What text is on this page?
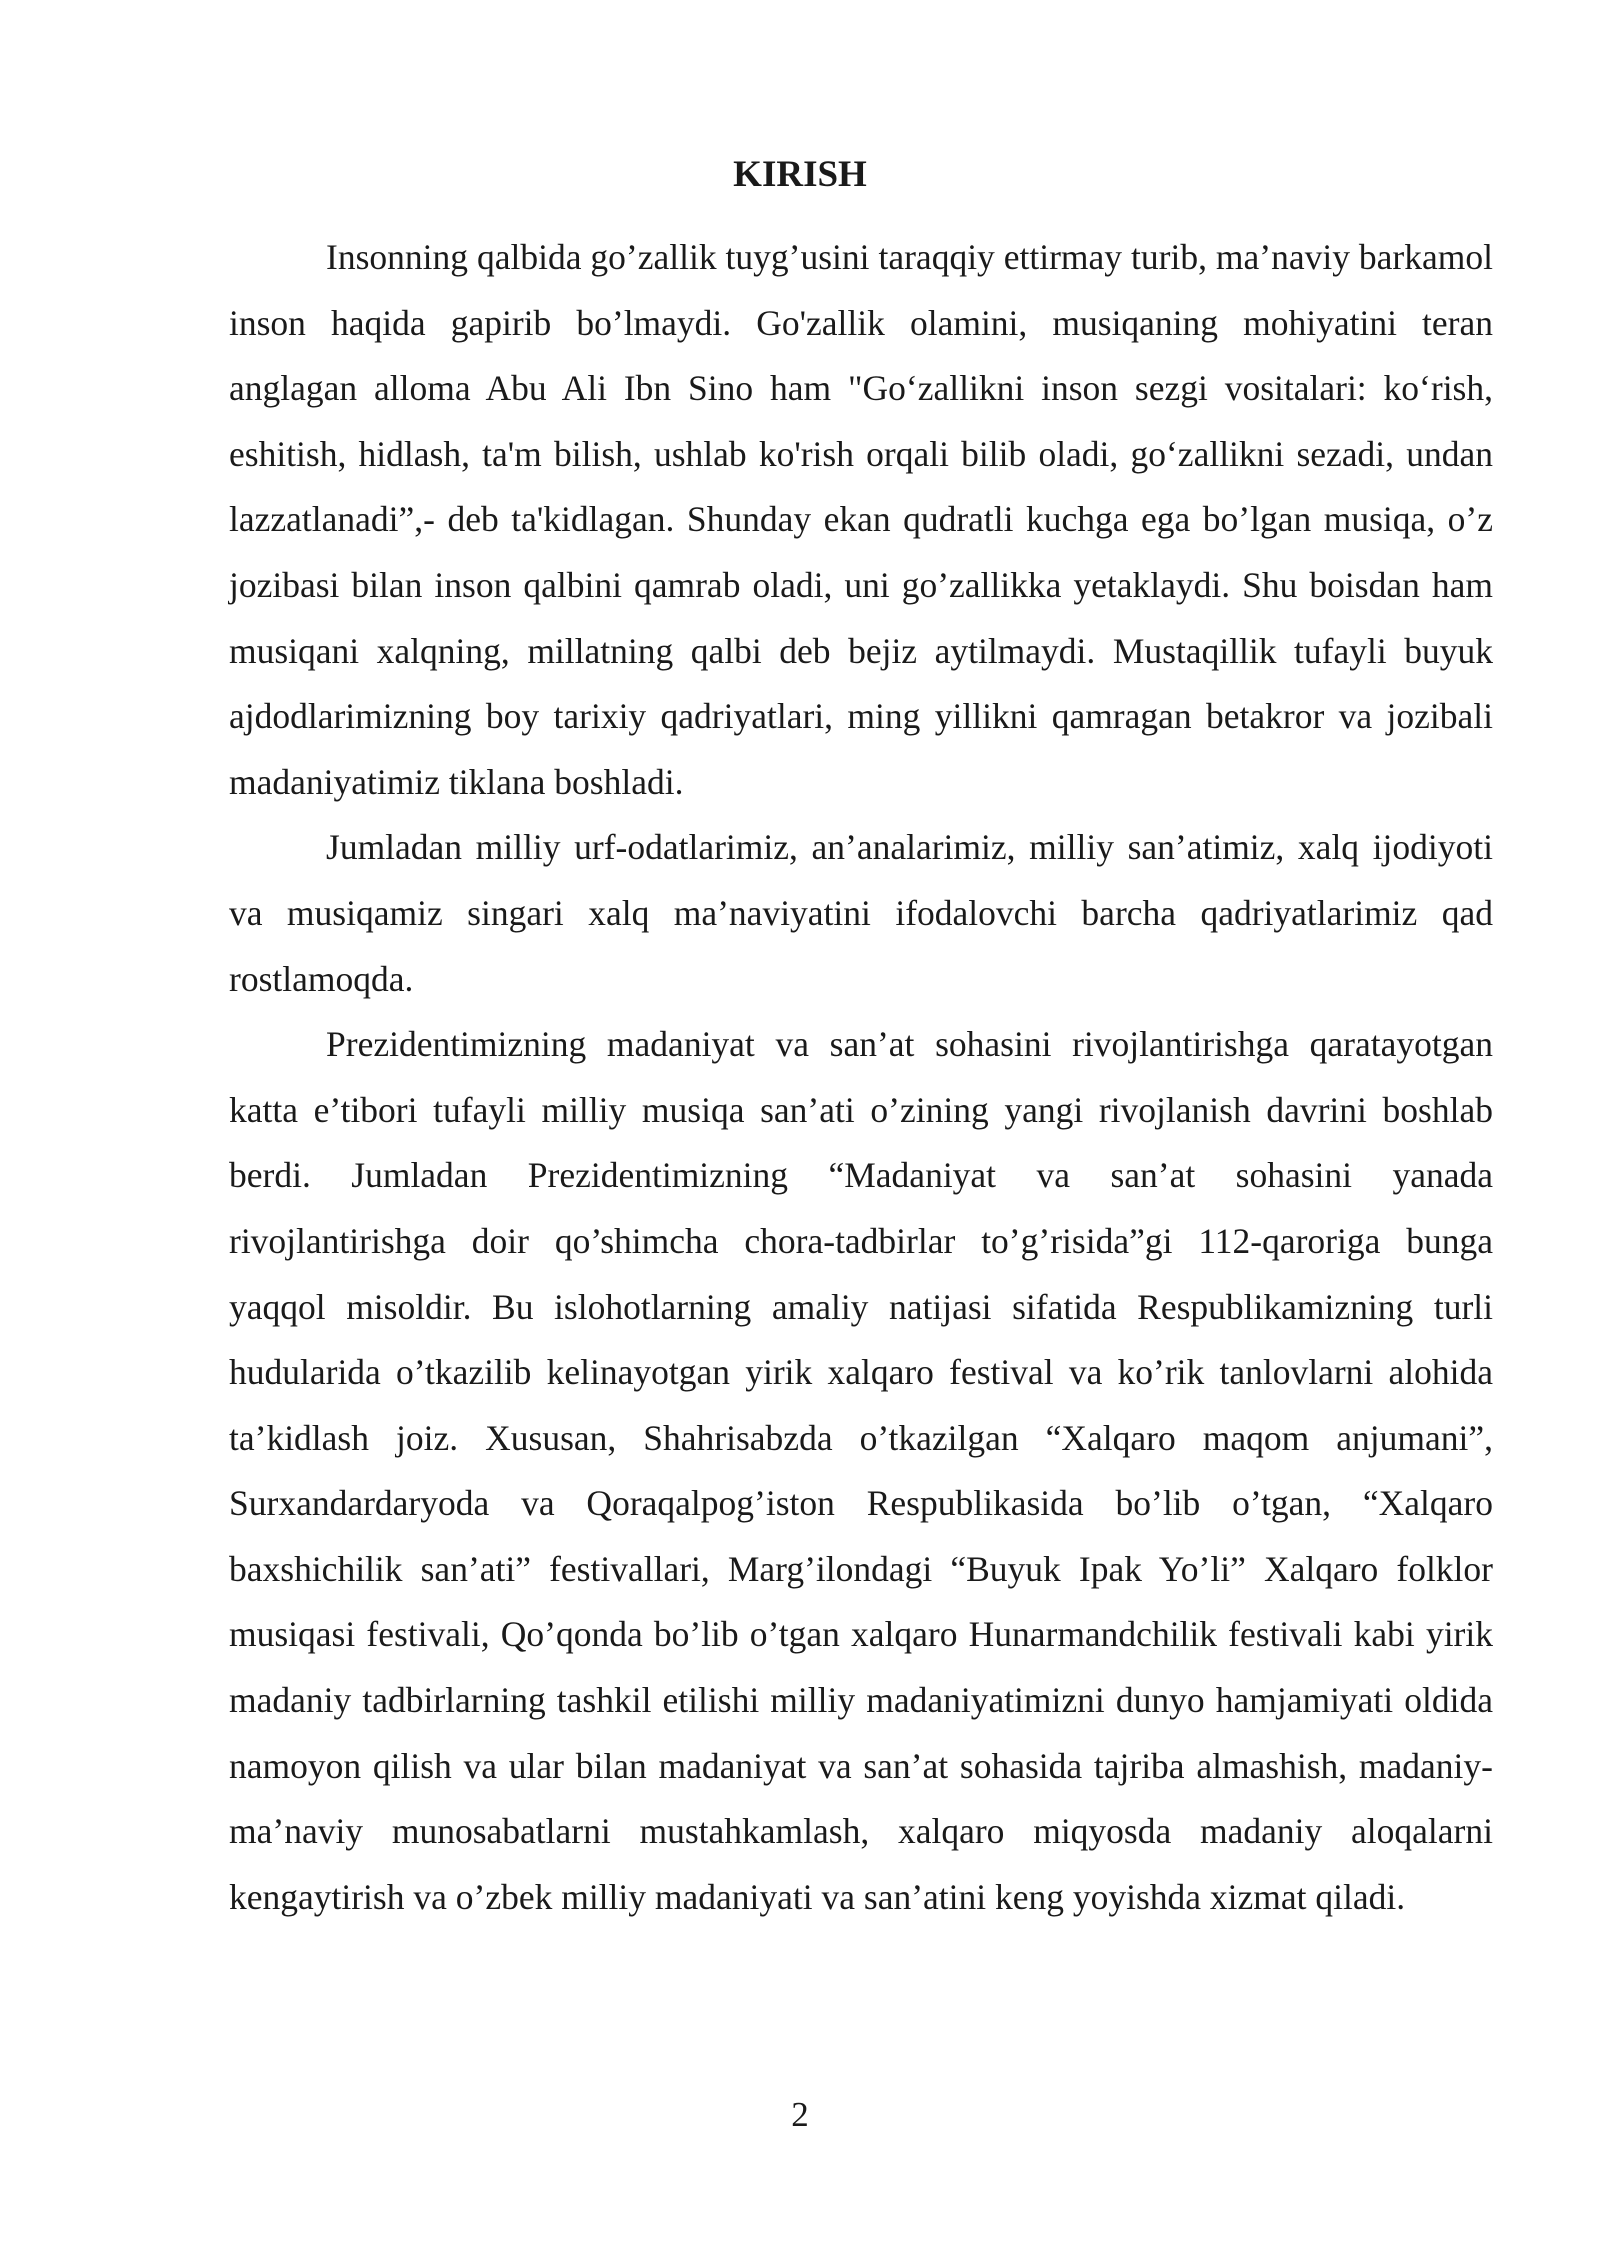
KIRISH

Insonning qalbida go’zallik tuyg’usini taraqqiy ettirmay turib, ma’naviy barkamol inson haqida gapirib bo’lmaydi. Go'zallik olamini, musiqaning mohiyatini teran anglagan alloma Abu Ali Ibn Sino ham "Go‘zallikni inson sezgi vositalari: ko‘rish, eshitish, hidlash, ta'm bilish, ushlab ko'rish orqali bilib oladi, go‘zallikni sezadi, undan lazzatlanadi”,- deb ta'kidlagan. Shunday ekan qudratli kuchga ega bo’lgan musiqa, o’z jozibasi bilan inson qalbini qamrab oladi, uni go’zallikka yetaklaydi. Shu boisdan ham musiqani xalqning, millatning qalbi deb bejiz aytilmaydi. Mustaqillik tufayli buyuk ajdodlarimizning boy tarixiy qadriyatlari, ming yillikni qamragan betakror va jozibali madaniyatimiz tiklana boshladi.

Jumladan milliy urf-odatlarimiz, an’analarimiz, milliy san’atimiz, xalq ijodiyoti va musiqamiz singari xalq ma’naviyatini ifodalovchi barcha qadriyatlarimiz qad rostlamoqda.

Prezidentimizning madaniyat va san’at sohasini rivojlantirishga qaratayotgan katta e’tibori tufayli milliy musiqa san’ati o’zining yangi rivojlanish davrini boshlab berdi. Jumladan Prezidentimizning “Madaniyat va san’at sohasini yanada rivojlantirishga doir qo’shimcha chora-tadbirlar to’g’risida”gi 112-qaroriga bunga yaqqol misoldir. Bu islohotlarning amaliy natijasi sifatida Respublikamizning turli hudularida o’tkazilib kelinayotgan yirik xalqaro festival va ko’rik tanlovlarni alohida ta’kidlash joiz. Xususan, Shahrisabzda o’tkazilgan “Xalqaro maqom anjumani”, Surxandardaryoda va Qoraqalpog’iston Respublikasida bo’lib o’tgan, “Xalqaro baxshichilik san’ati” festivallari, Marg’ilondagi “Buyuk Ipak Yo’li” Xalqaro folklor musiqasi festivali, Qo’qonda bo’lib o’tgan xalqaro Hunarmandchilik festivali kabi yirik madaniy tadbirlarning tashkil etilishi milliy madaniyatimizni dunyo hamjamiyati oldida namoyon qilish va ular bilan madaniyat va san’at sohasida tajriba almashish, madaniy- ma’naviy munosabatlarni mustahkamlash, xalqaro miqyosda madaniy aloqalarni kengaytirish va o’zbek milliy madaniyati va san’atini keng yoyishda xizmat qiladi.

2
